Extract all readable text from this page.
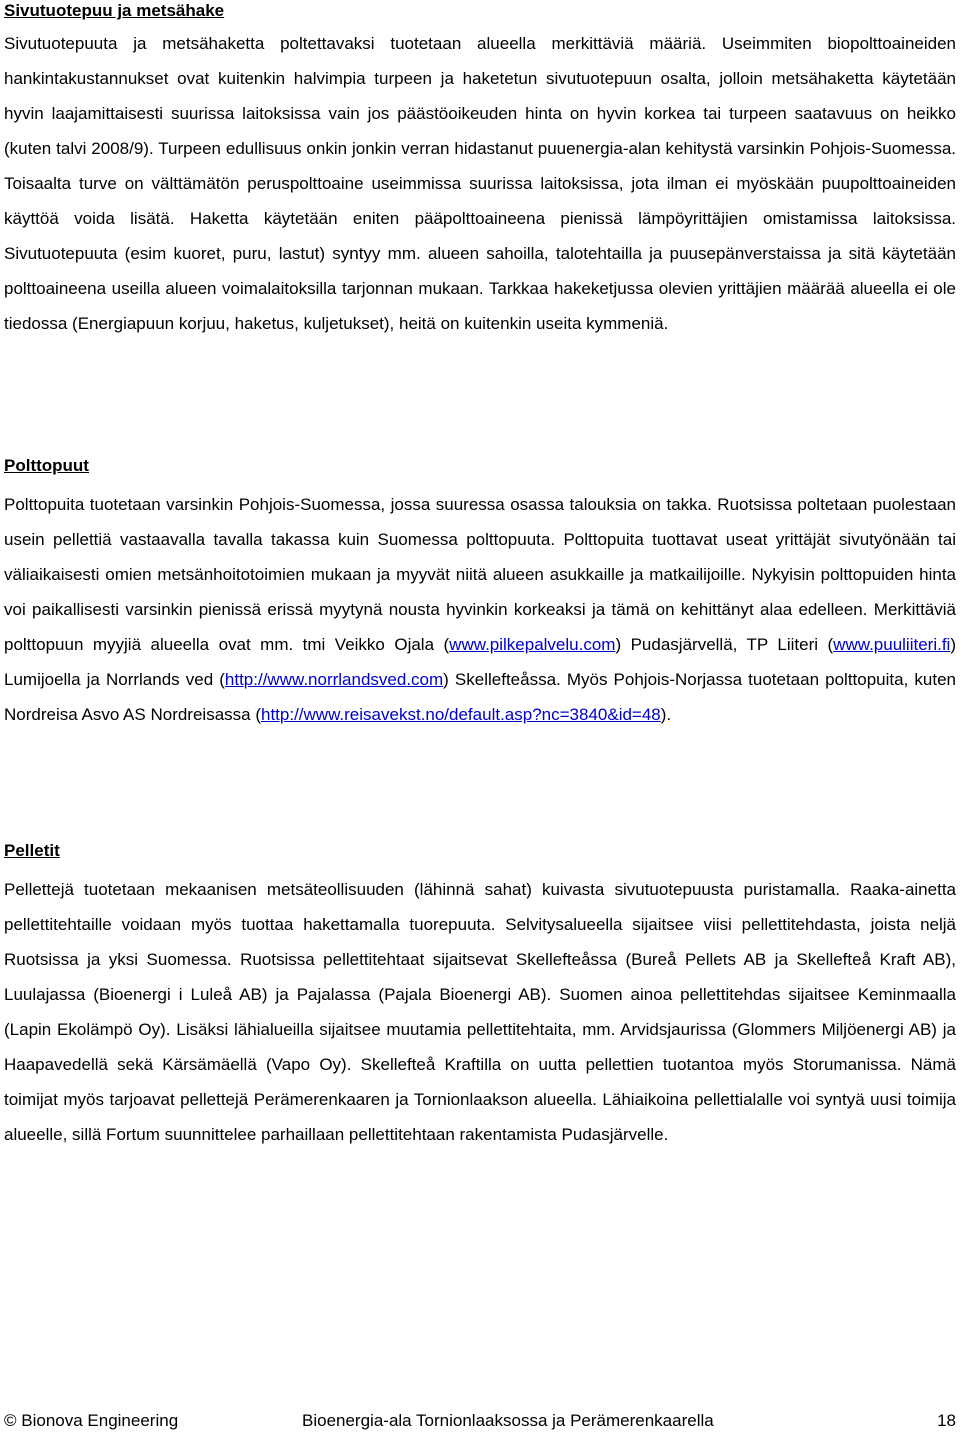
Sivutuotepuu ja metsähake

Sivutuotepuuta ja metsähaketta poltettavaksi tuotetaan alueella merkittäviä määriä. Useimmiten biopolttoaineiden hankintakustannukset ovat kuitenkin halvimpia turpeen ja haketetun sivutuotepuun osalta, jolloin metsähaketta käytetään hyvin laajamittaisesti suurissa laitoksissa vain jos päästöoikeuden hinta on hyvin korkea tai turpeen saatavuus on heikko (kuten talvi 2008/9). Turpeen edullisuus onkin jonkin verran hidastanut puuenergia-alan kehitystä varsinkin Pohjois-Suomessa. Toisaalta turve on välttämätön peruspolttoaine useimmissa suurissa laitoksissa, jota ilman ei myöskään puupolttoaineiden käyttöä voida lisätä. Haketta käytetään eniten pääpolttoaineena pienissä lämpöyrittäjien omistamissa laitoksissa. Sivutuotepuuta (esim kuoret, puru, lastut) syntyy mm. alueen sahoilla, talotehtailla ja puusepänverstaissa ja sitä käytetään polttoaineena useilla alueen voimalaitoksilla tarjonnan mukaan. Tarkkaa hakeketjussa olevien yrittäjien määrää alueella ei ole tiedossa (Energiapuun korjuu, haketus, kuljetukset), heitä on kuitenkin useita kymmeniä.

Polttopuut

Polttopuita tuotetaan varsinkin Pohjois-Suomessa, jossa suuressa osassa talouksia on takka. Ruotsissa poltetaan puolestaan usein pellettiä vastaavalla tavalla takassa kuin Suomessa polttopuuta. Polttopuita tuottavat useat yrittäjät sivutyönään tai väliaikaisesti omien metsänhoitotoimien mukaan ja myyvät niitä alueen asukkaille ja matkailijoille. Nykyisin polttopuiden hinta voi paikallisesti varsinkin pienissä erissä myytynä nousta hyvinkin korkeaksi ja tämä on kehittänyt alaa edelleen. Merkittäviä polttopuun myyjiä alueella ovat mm. tmi Veikko Ojala (www.pilkepalvelu.com) Pudasjärvellä, TP Liiteri (www.puuliiteri.fi) Lumijoella ja Norrlands ved (http://www.norrlandsved.com) Skellefteåssa. Myös Pohjois-Norjassa tuotetaan polttopuita, kuten Nordreisa Asvo AS Nordreisassa (http://www.reisavekst.no/default.asp?nc=3840&id=48).

Pelletit

Pellettejä tuotetaan mekaanisen metsäteollisuuden (lähinnä sahat) kuivasta sivutuotepuusta puristamalla. Raaka-ainetta pellettitehtaille voidaan myös tuottaa hakettamalla tuorepuuta. Selvitysalueella sijaitsee viisi pellettitehdasta, joista neljä Ruotsissa ja yksi Suomessa. Ruotsissa pellettitehtaat sijaitsevat Skellefteåssa (Bureå Pellets AB ja Skellefteå Kraft AB), Luulajassa (Bioenergi i Luleå AB) ja Pajalassa (Pajala Bioenergi AB). Suomen ainoa pellettitehdas sijaitsee Keminmaalla (Lapin Ekolämpö Oy). Lisäksi lähialueilla sijaitsee muutamia pellettitehtaita, mm. Arvidsjaurissa (Glommers Miljöenergi AB) ja Haapavedellä sekä Kärsämäellä (Vapo Oy). Skellefteå Kraftilla on uutta pellettien tuotantoa myös Storumanissa. Nämä toimijat myös tarjoavat pellettejä Perämerenkaaren ja Tornionlaakson alueella. Lähiaikoina pellettialalle voi syntyä uusi toimija alueelle, sillä Fortum suunnittelee parhaillaan pellettitehtaan rakentamista Pudasjärvelle.

© Bionova Engineering	Bioenergia-ala Tornionlaaksossa ja Perämerenkaarella	18
